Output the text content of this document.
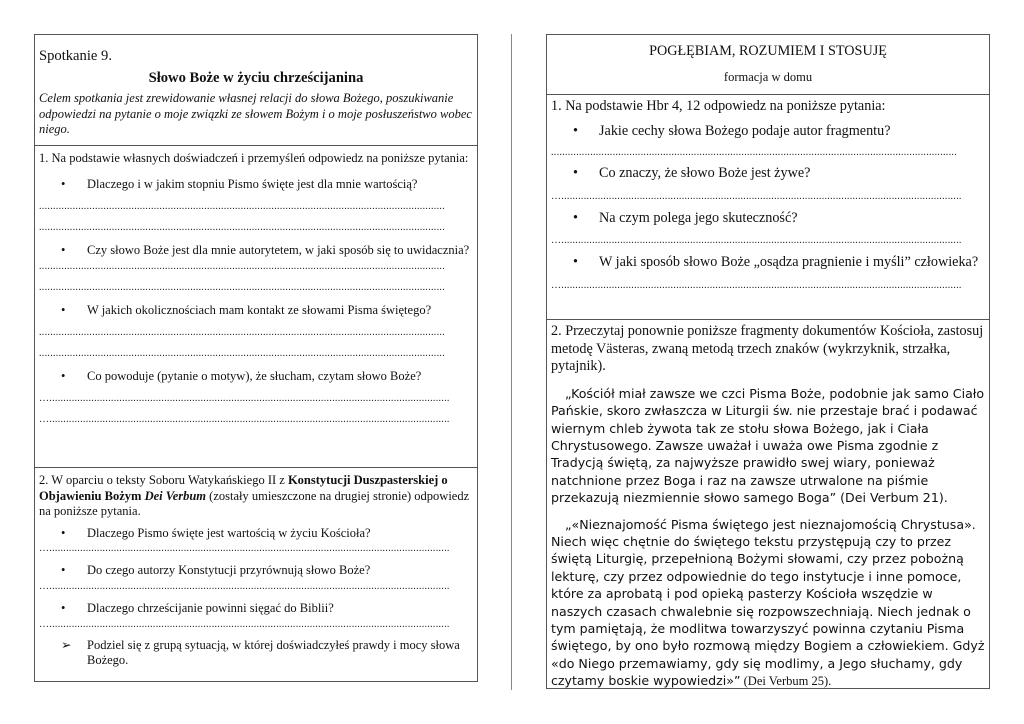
Spotkanie 9.

Słowo Boże w życiu chrześcijanina

Celem spotkania jest zrewidowanie własnej relacji do słowa Bożego, poszukiwanie odpowiedzi na pytanie o moje związki ze słowem Bożym i o moje posłuszeństwo wobec niego.

1. Na podstawie własnych doświadczeń i przemyśleń odpowiedz na poniższe pytania:

• Dlaczego i w jakim stopniu Pismo święte jest dla mnie wartością?

.................................................................................................................................................
.................................................................................................................................................

• Czy słowo Boże jest dla mnie autorytetem, w jaki sposób się to uwidacznia?

.................................................................................................................................................
.................................................................................................................................................

• W jakich okolicznościach mam kontakt ze słowami Pisma świętego?

.................................................................................................................................................
.................................................................................................................................................

• Co powoduje (pytanie o motyw), że słucham, czytam słowo Boże?

…...............................................................................................................................................
…...............................................................................................................................................

2. W oparciu o teksty Soboru Watykańskiego II z Konstytucji Duszpasterskiej o Objawieniu Bożym Dei Verbum (zostały umieszczone na drugiej stronie) odpowiedz na poniższe pytania.

• Dlaczego Pismo święte jest wartością w życiu Kościoła?

…...............................................................................................................................................

• Do czego autorzy Konstytucji przyrównują słowo Boże?

…...............................................................................................................................................

• Dlaczego chrześcijanie powinni sięgać do Biblii?

…...............................................................................................................................................

➢ Podziel się z grupą sytuacją, w której doświadczyłeś prawdy i mocy słowa Bożego.

POGŁĘBIAM, ROZUMIEM I STOSUJĘ

formacja w domu

1. Na podstawie Hbr 4, 12 odpowiedz na poniższe pytania:

• Jakie cechy słowa Bożego podaje autor fragmentu?

.................................................................................................................................................

• Co znaczy, że słowo Boże jest żywe?

…...............................................................................................................................................

• Na czym polega jego skuteczność?

…...............................................................................................................................................

• W jaki sposób słowo Boże „osądza pragnienie i myśli” człowieka?

…...............................................................................................................................................

2. Przeczytaj ponownie poniższe fragmenty dokumentów Kościoła, zastosuj metodę Västeras, zwaną metodą trzech znaków (wykrzyknik, strzałka, pytajnik).

„Kościół miał zawsze we czci Pisma Boże, podobnie jak samo Ciało Pańskie, skoro zwłaszcza w Liturgii św. nie przestaje brać i podawać wiernym chleb żywota tak ze stołu słowa Bożego, jak i Ciała Chrystusowego. Zawsze uważał i uważa owe Pisma zgodnie z Tradycją świętą, za najwyższe prawidło swej wiary, ponieważ natchnione przez Boga i raz na zawsze utrwalone na piśmie przekazują niezmiennie słowo samego Boga” (Dei Verbum 21).

„«Nieznajomość Pisma świętego jest nieznajomością Chrystusa». Niech więc chętnie do świętego tekstu przystępują czy to przez świętą Liturgię, przepełnioną Bożymi słowami, czy przez pobożną lekturę, czy przez odpowiednie do tego instytucje i inne pomoce, które za aprobatą i pod opieką pasterzy Kościoła wszędzie w naszych czasach chwalebnie się rozpowszechniają. Niech jednak o tym pamiętają, że modlitwa towarzyszyć powinna czytaniu Pisma świętego, by ono było rozmową między Bogiem a człowiekiem. Gdyż «do Niego przemawiamy, gdy się modlimy, a Jego słuchamy, gdy czytamy boskie wypowiedzi»” (Dei Verbum 25).
